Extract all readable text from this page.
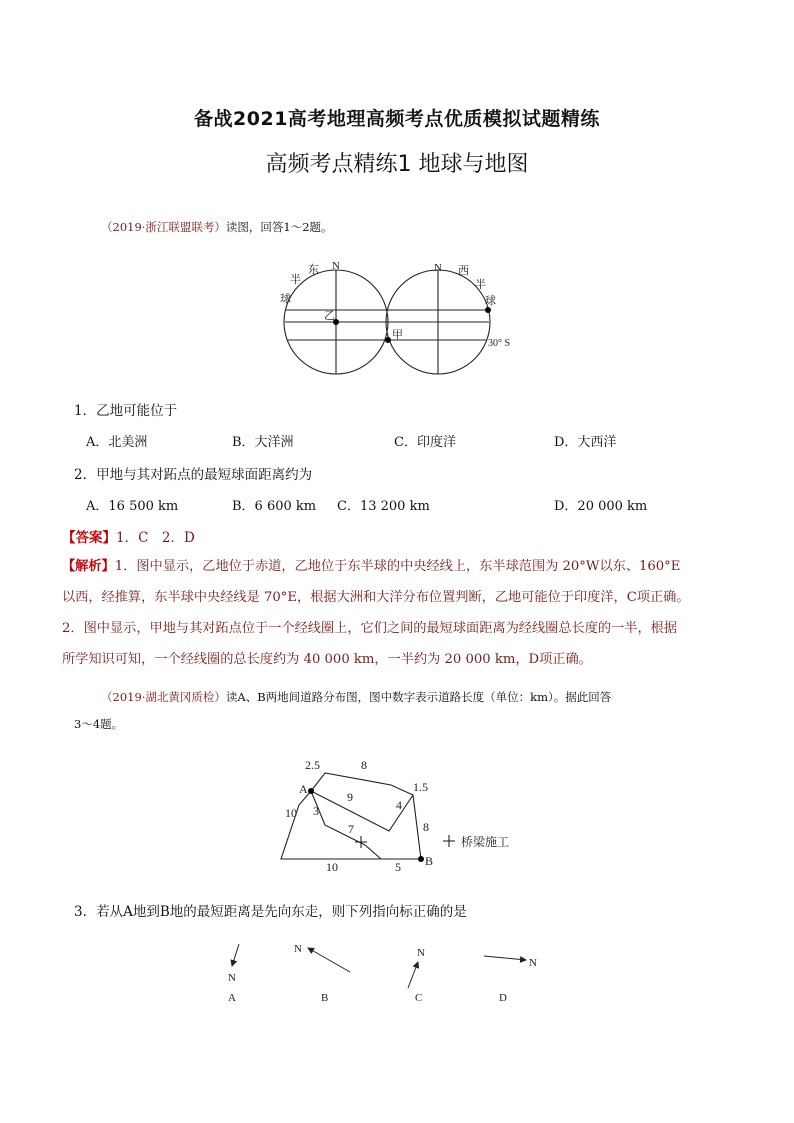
备战2021高考地理高频考点优质模拟试题精练
高频考点精练1 地球与地图
（2019·浙江联盟联考）读图，回答1～2题。
N
东
半
球
乙
甲
N 西
半
球
30° S
1．乙地可能位于
A．北美洲	B．大洋洲	C．印度洋	D．大西洋
2．甲地与其对跖点的最短球面距离约为
A．16 500 km	B．6 600 km C．13 200 km	D．20 000 km
【答案】1．C　2．D
【解析】1．图中显示，乙地位于赤道，乙地位于东半球的中央经线上，东半球范围为 20°W以东、160°E
以西，经推算，东半球中央经线是 70°E，根据大洲和大洋分布位置判断，乙地可能位于印度洋，C项正确。
2．图中显示，甲地与其对跖点位于一个经线圈上，它们之间的最短球面距离为经线圈总长度的一半，根据
所学知识可知，一个经线圈的总长度约为 40 000 km，一半约为 20 000 km，D项正确。
（2019·湖北黄冈质检）读A、B两地间道路分布图，图中数字表示道路长度（单位：km）。据此回答
3～4题。
A
B
2.5	8
1.5
9
4
10 3
7	8
10	5
桥梁施工
3．若从A地到B地的最短距离是先向东走，则下列指向标正确的是
N
A
N
B
N
C
N
D
